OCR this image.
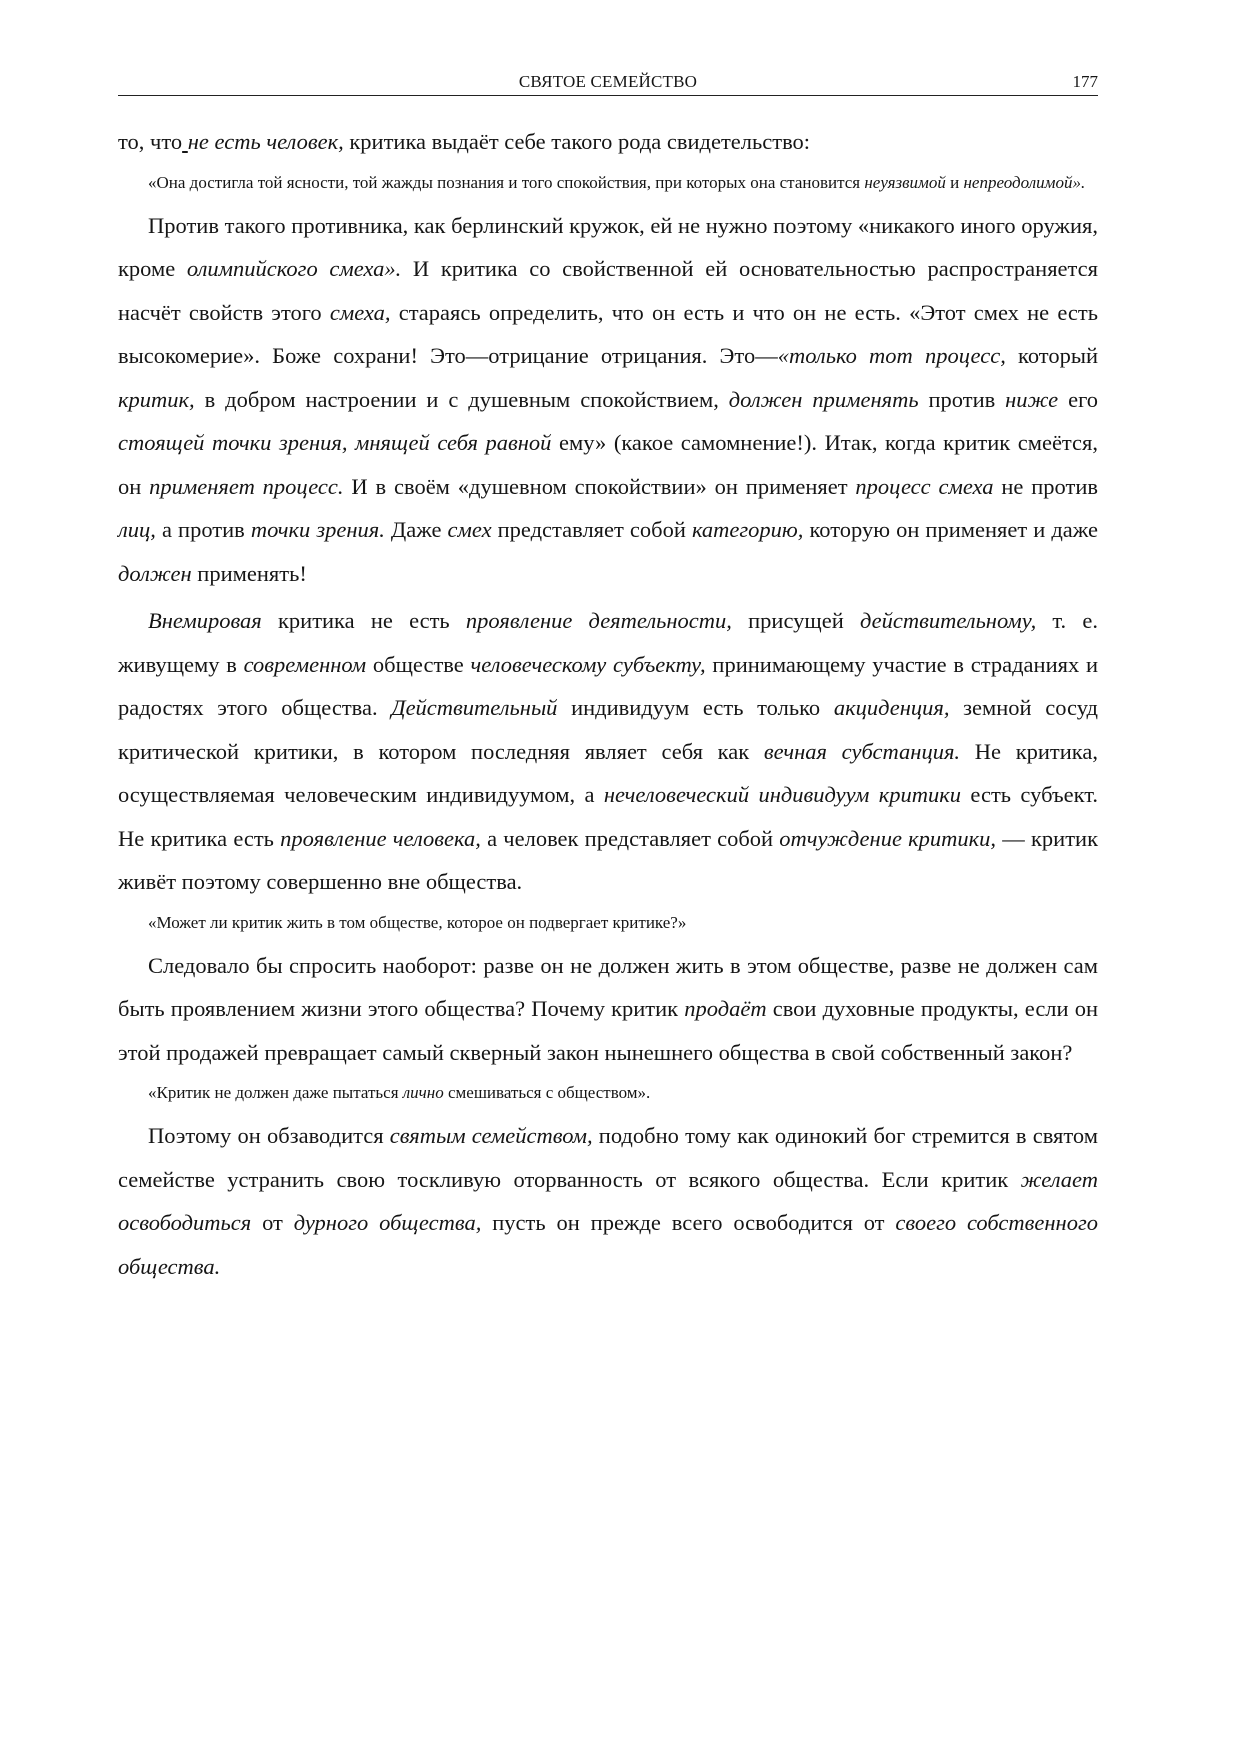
СВЯТОЕ СЕМЕЙСТВО	177

то, что не есть человек, критика выдаёт себе такого рода свидетельство:

«Она достигла той ясности, той жажды познания и того спокойствия, при которых она становится неуязвимой и непреодолимой».

Против такого противника, как берлинский кружок, ей не нужно поэтому «никакого иного оружия, кроме олимпийского смеха». И критика со свойственной ей основательностью распространяется насчёт свойств этого смеха, стараясь определить, что он есть и что он не есть. «Этот смех не есть высокомерие». Боже сохрани! Это—отрицание отрицания. Это—«только тот процесс, который критик, в добром настроении и с душевным спокойствием, должен применять против ниже его стоящей точки зрения, мнящей себя равной ему» (какое самомнение!). Итак, когда критик смеётся, он применяет процесс. И в своём «душевном спокойствии» он применяет процесс смеха не против лиц, а против точки зрения. Даже смех представляет собой категорию, которую он применяет и даже должен применять!

Внемировая критика не есть проявление деятельности, присущей действительному, т. е. живущему в современном обществе человеческому субъекту, принимающему участие в страданиях и радостях этого общества. Действительный индивидуум есть только акциденция, земной сосуд критической критики, в котором последняя являет себя как вечная субстанция. Не критика, осуществляемая человеческим индивидуумом, а нечеловеческий индивидуум критики есть субъект. Не критика есть проявление человека, а человек представляет собой отчуждение критики, — критик живёт поэтому совершенно вне общества.

«Может ли критик жить в том обществе, которое он подвергает критике?»

Следовало бы спросить наоборот: разве он не должен жить в этом обществе, разве не должен сам быть проявлением жизни этого общества? Почему критик продаёт свои духовные продукты, если он этой продажей превращает самый скверный закон нынешнего общества в свой собственный закон?

«Критик не должен даже пытаться лично смешиваться с обществом».

Поэтому он обзаводится святым семейством, подобно тому как одинокий бог стремится в святом семействе устранить свою тоскливую оторванность от всякого общества. Если критик желает освободиться от дурного общества, пусть он прежде всего освободится от своего собственного общества.
